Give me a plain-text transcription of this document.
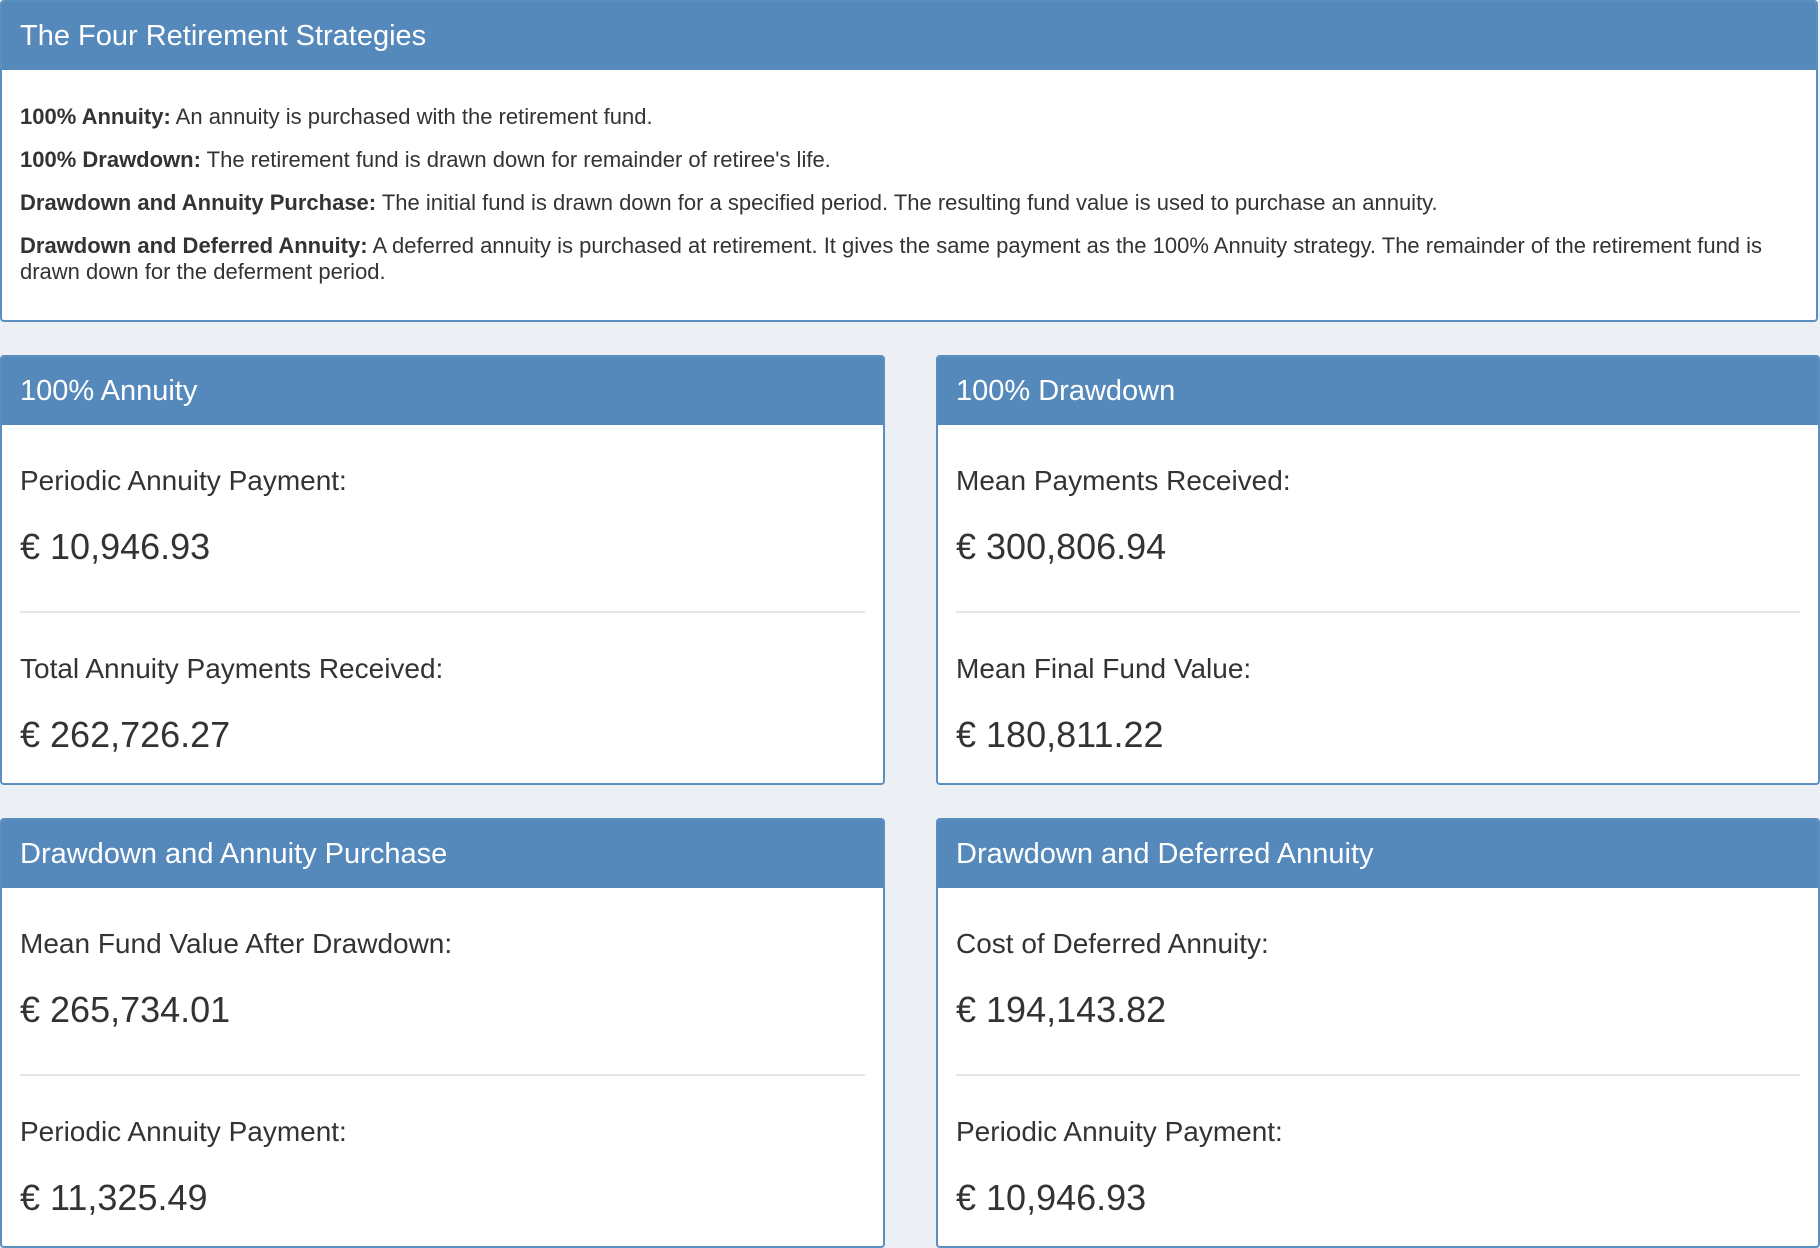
The Four Retirement Strategies

100% Annuity: An annuity is purchased with the retirement fund.

100% Drawdown: The retirement fund is drawn down for remainder of retiree's life.

Drawdown and Annuity Purchase: The initial fund is drawn down for a specified period. The resulting fund value is used to purchase an annuity.

Drawdown and Deferred Annuity: A deferred annuity is purchased at retirement. It gives the same payment as the 100% Annuity strategy. The remainder of the retirement fund is drawn down for the deferment period.

100% Annuity
Periodic Annuity Payment:
€ 10,946.93
Total Annuity Payments Received:
€ 262,726.27
100% Drawdown
Mean Payments Received:
€ 300,806.94
Mean Final Fund Value:
€ 180,811.22
Drawdown and Annuity Purchase
Mean Fund Value After Drawdown:
€ 265,734.01
Periodic Annuity Payment:
€ 11,325.49
Drawdown and Deferred Annuity
Cost of Deferred Annuity:
€ 194,143.82
Periodic Annuity Payment:
€ 10,946.93
